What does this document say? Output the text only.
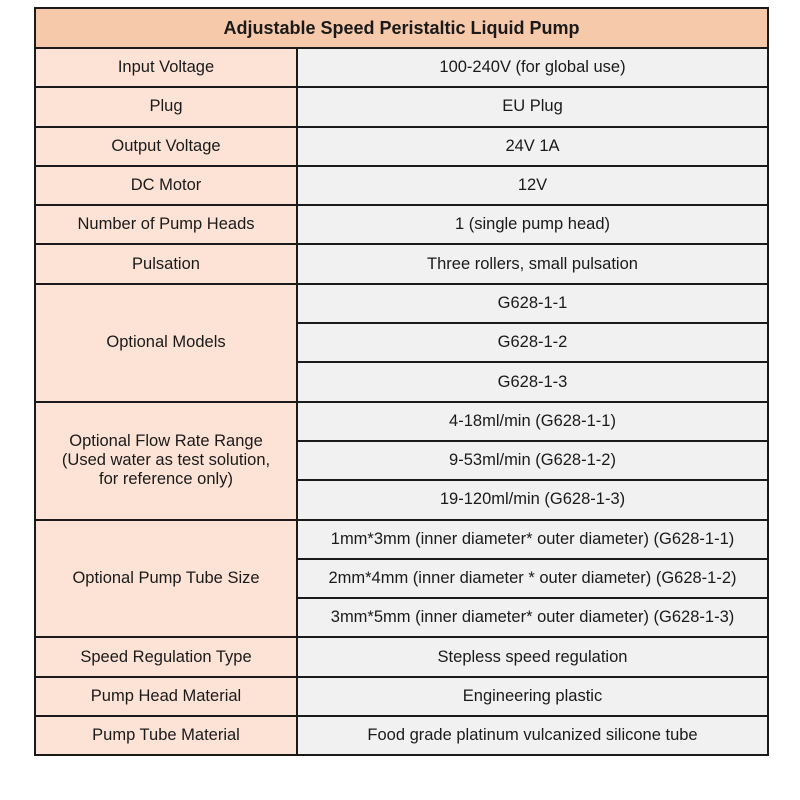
Adjustable Speed Peristaltic Liquid Pump	
Input Voltage	100-240V (for global use)
Plug	EU Plug
Output Voltage	24V 1A
DC Motor	12V
Number of Pump Heads	1 (single pump head)
Pulsation	Three rollers, small pulsation
Optional Models	G628-1-1
	G628-1-2
	G628-1-3

Optional Flow Rate Range
(Used water as test solution,
for reference only)	4-18ml/min (G628-1-1)
	9-53ml/min (G628-1-2)
	19-120ml/min (G628-1-3)
Optional Pump Tube Size	1mm*3mm (inner diameter* outer diameter) (G628-1-1)
	2mm*4mm (inner diameter * outer diameter) (G628-1-2)
	3mm*5mm (inner diameter* outer diameter) (G628-1-3)
Speed Regulation Type	Stepless speed regulation
Pump Head Material	Engineering plastic
Pump Tube Material	Food grade platinum vulcanized silicone tube
